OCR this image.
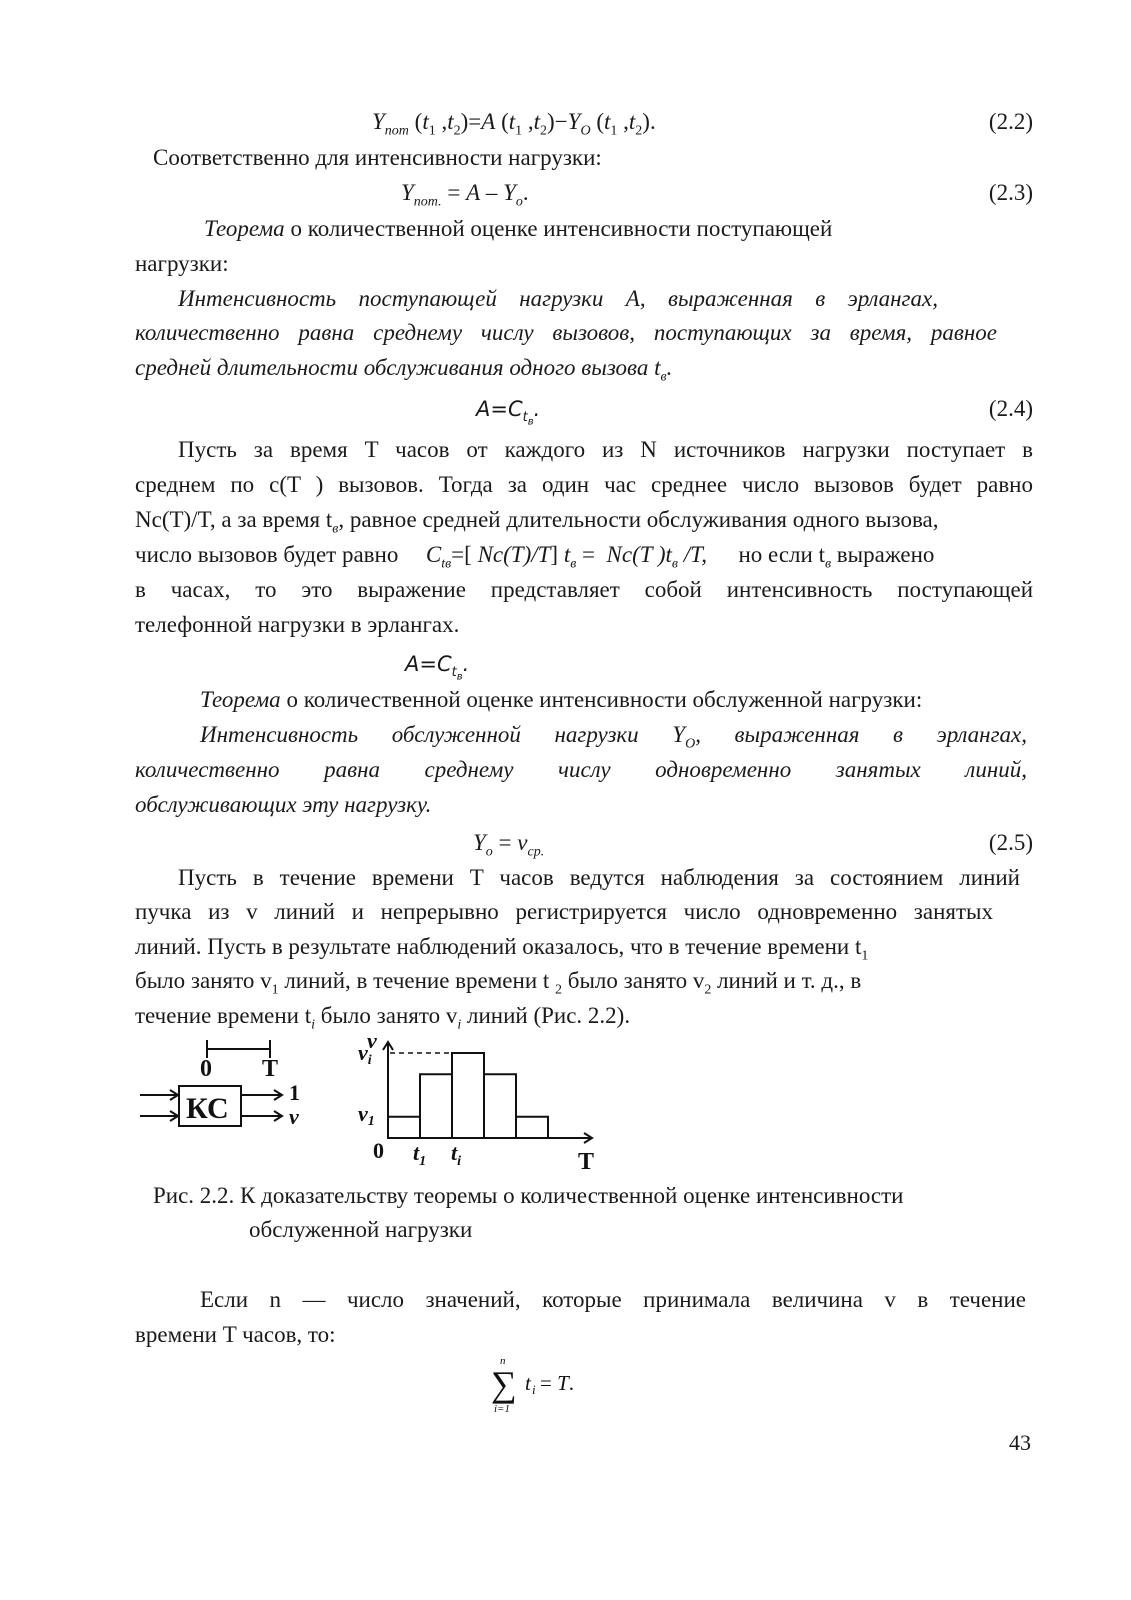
$Y_{пот}$ ($t_1$ $,t_2)=A$ ($t_1$ $,t_2)-Y_O$ ($t_1$ $,t_2$).	(2.2)
Соответственно для интенсивности нагрузки:
$Y_{пот.} = A - Y_o$.	(2.3)
Теорема о количественной оценке интенсивности поступающей
нагрузки:
Интенсивность поступающей нагрузки A, выраженная в эрлангах,
количественно равна среднему числу вызовов, поступающих за время, равное
средней длительности обслуживания одного вызова $t_в$.
$A=C_{t_в}$.	(2.4)
Пусть за время T часов от каждого из N источников нагрузки поступает в
среднем по c(T ) вызовов. Тогда за один час среднее число вызовов будет равно
Nc(T)/T, а за время $t_в$, равное средней длительности обслуживания одного вызова,
число вызовов будет равно $C_{tв}=$[ Nc(T)/T] $t_в = Nc(T$ )$t_в$ /T, но если $t_в$ выражено
в часах, то это выражение представляет собой интенсивность поступающей
телефонной нагрузки в эрлангах.
$A=C_{t_в}$.
Теорема о количественной оценке интенсивности обслуженной нагрузки:
Интенсивность обслуженной нагрузки $Y_O$, выраженная в эрлангах,
количественно равна среднему числу одновременно занятых линий,
обслуживающих эту нагрузку.
$Y_o = v_{ср.}$	(2.5)
Пусть в течение времени T часов ведутся наблюдения за состоянием линий
пучка из v линий и непрерывно регистрируется число одновременно занятых
линий. Пусть в результате наблюдений оказалось, что в течение времени $t_1$
было занято $v_1$ линий, в течение времени t $_2$ было занято $v_2$ линий и т. д., в
течение времени $t_i$ было занято $v_i$ линий (Рис. 2.2).
0 T
КС	1
v
v
vi
v1
0 $t_1$ $t_i$	T
Рис. 2.2. К доказательству теоремы о количественной оценке интенсивности
обслуженной нагрузки
Если n — число значений, которые принимала величина v в течение
времени T часов, то:
n
∑
i=1
t i = T.
43
